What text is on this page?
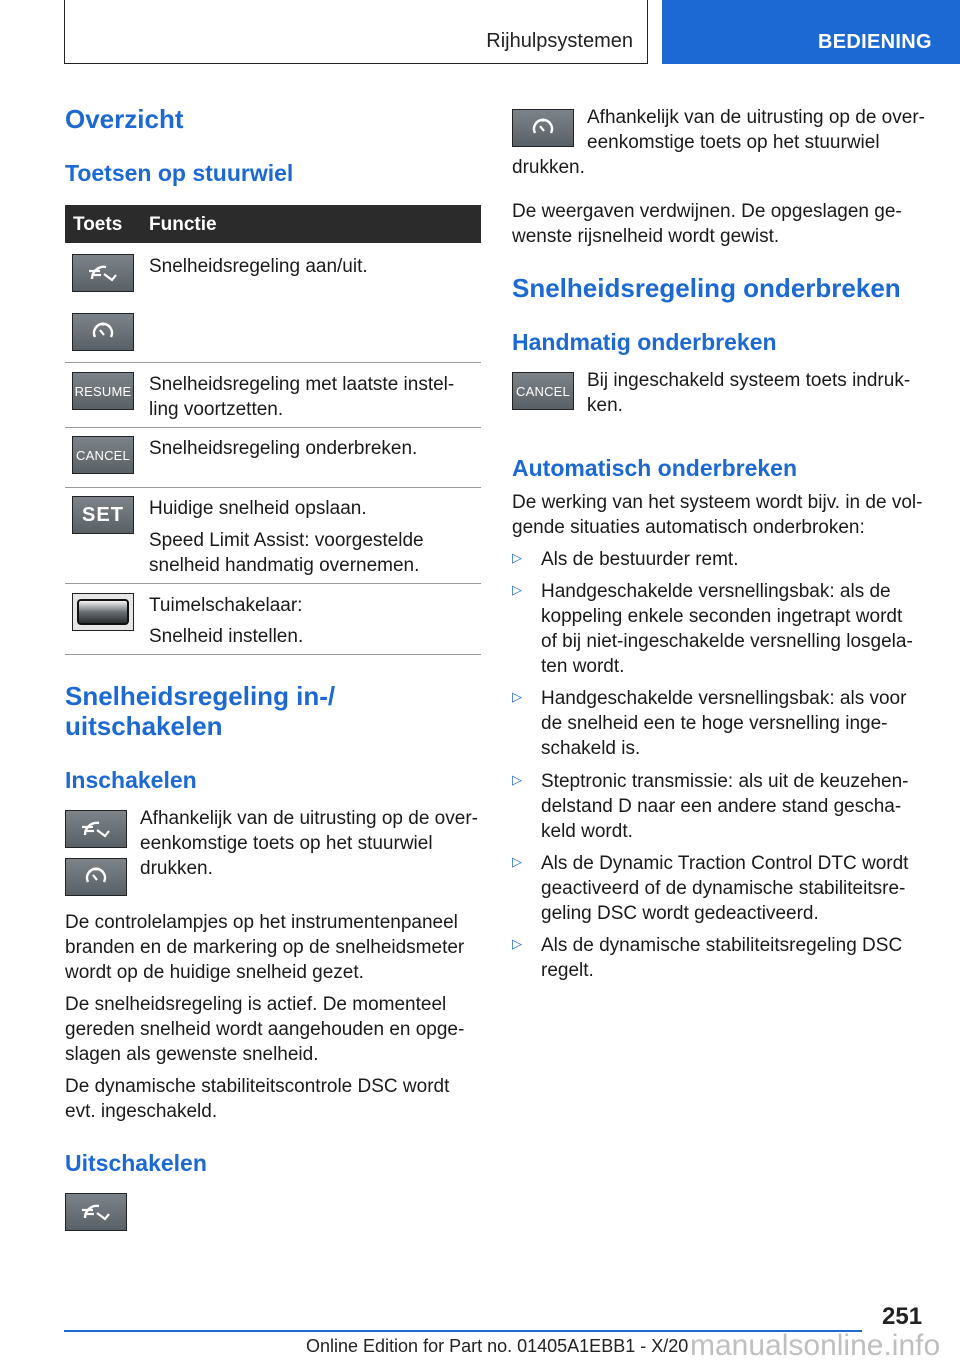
Rijhulpsystemen	BEDIENING
Overzicht
Toetsen op stuurwiel
Toets Functie

Snelheidsregeling aan/uit.

RESUME Snelheidsregeling met laatste instel-

ling voortzetten.

CANCEL Snelheidsregeling onderbreken.

SET Huidige snelheid opslaan.

Speed Limit Assist: voorgestelde

snelheid handmatig overnemen.

Tuimelschakelaar:

Snelheid instellen.

Snelheidsregeling in-/
uitschakelen
Inschakelen

Afhankelijk van de uitrusting op de over-

eenkomstige toets op het stuurwiel

drukken.

De controlelampjes op het instrumentenpaneel

branden en de markering op de snelheidsmeter

wordt op de huidige snelheid gezet.

De snelheidsregeling is actief. De momenteel

gereden snelheid wordt aangehouden en opge-

slagen als gewenste snelheid.

De dynamische stabiliteitscontrole DSC wordt

evt. ingeschakeld.

Uitschakelen

Afhankelijk van de uitrusting op de over-

eenkomstige toets op het stuurwiel

drukken.

De weergaven verdwijnen. De opgeslagen ge-

wenste rijsnelheid wordt gewist.

Snelheidsregeling onderbreken
Handmatig onderbreken
CANCEL Bij ingeschakeld systeem toets indruk-

ken.

Automatisch onderbreken

De werking van het systeem wordt bijv. in de vol-

gende situaties automatisch onderbroken:

▷ Als de bestuurder remt.
▷ Handgeschakelde versnellingsbak: als de
koppeling enkele seconden ingetrapt wordt
of bij niet-ingeschakelde versnelling losgela-
ten wordt.
▷ Handgeschakelde versnellingsbak: als voor
de snelheid een te hoge versnelling inge-
schakeld is.
▷ Steptronic transmissie: als uit de keuzehen-
delstand D naar een andere stand gescha-
keld wordt.
▷ Als de Dynamic Traction Control DTC wordt
geactiveerd of de dynamische stabiliteitsre-
geling DSC wordt gedeactiveerd.
▷ Als de dynamische stabiliteitsregeling DSC
regelt.
251
Online Edition for Part no. 01405A1EBB1 - X/20 manualsonline.info
